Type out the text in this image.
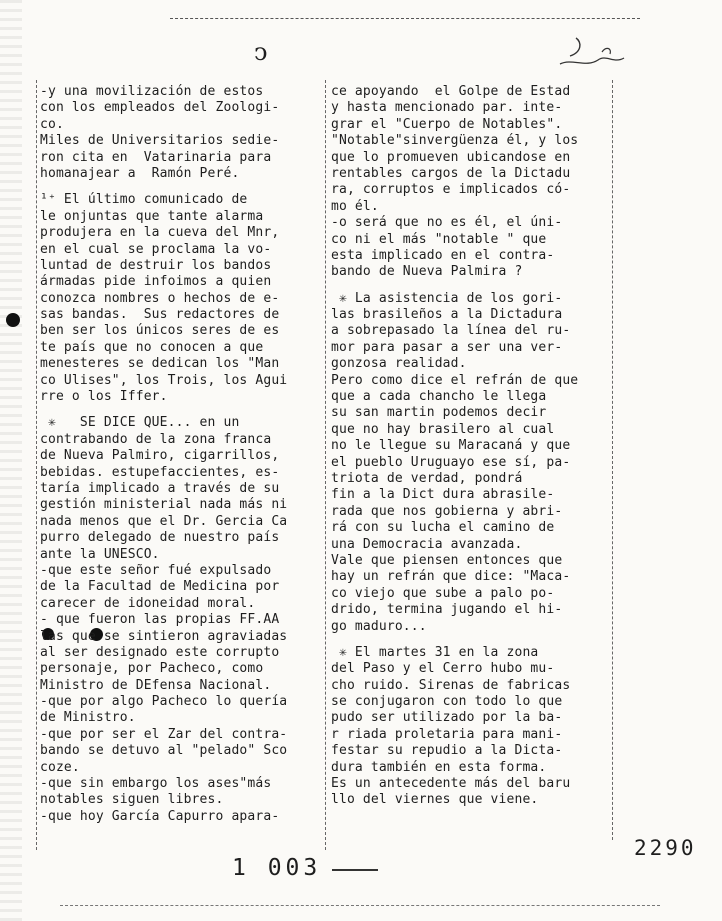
ↄ
-y una movilización de estos
con los empleados del Zoologi-
co.
Miles de Universitarios sedie-
ron cita en  Vatarinaria para
homanajear a  Ramón Peré.
¹⁺ El último comunicado de
le onjuntas que tante alarma
produjera en la cueva del Mnr,
en el cual se proclama la vo-
luntad de destruir los bandos
ármadas pide infoimos a quien
conozca nombres o hechos de e-
sas bandas.  Sus redactores de
ben ser los únicos seres de es
te país que no conocen a que
menesteres se dedican los "Man
co Ulises", los Trois, los Agui
rre o los Iffer.
✳   SE DICE QUE... en un
contrabando de la zona franca
de Nueva Palmiro, cigarrillos,
bebidas. estupefaccientes, es-
taría implicado a través de su
gestión ministerial nada más ni
nada menos que el Dr. Gercia Ca
purro delegado de nuestro país
ante la UNESCO.
-que este señor fué expulsado
de la Facultad de Medicina por
carecer de idoneidad moral.
- que fueron las propias FF.AA
las que se sintieron agraviadas
al ser designado este corrupto
personaje, por Pacheco, como
Ministro de DEfensa Nacional.
-que por algo Pacheco lo quería
de Ministro.
-que por ser el Zar del contra-
bando se detuvo al "pelado" Sco
coze.
-que sin embargo los ases"más
notables siguen libres.
-que hoy García Capurro apara-
ce apoyando  el Golpe de Estad
y hasta mencionado par. inte-
grar el "Cuerpo de Notables".
"Notable"sinvergüenza él, y los
que lo promueven ubicandose en
rentables cargos de la Dictadu
ra, corruptos e implicados có-
mo él.
-o será que no es él, el úni-
co ni el más "notable " que
esta implicado en el contra-
bando de Nueva Palmira ?
✳ La asistencia de los gori-
las brasileños a la Dictadura
a sobrepasado la línea del ru-
mor para pasar a ser una ver-
gonzosa realidad.
Pero como dice el refrán de que
que a cada chancho le llega
su san martin podemos decir
que no hay brasilero al cual
no le llegue su Maracaná y que
el pueblo Uruguayo ese sí, pa-
triota de verdad, pondrá
fin a la Dict dura abrasile-
rada que nos gobierna y abri-
rá con su lucha el camino de
una Democracia avanzada.
Vale que piensen entonces que
hay un refrán que dice: "Maca-
co viejo que sube a palo po-
drido, termina jugando el hi-
go maduro...
✳ El martes 31 en la zona
del Paso y el Cerro hubo mu-
cho ruido. Sirenas de fabricas
se conjugaron con todo lo que
pudo ser utilizado por la ba-
r riada proletaria para mani-
festar su repudio a la Dicta-
dura también en esta forma.
Es un antecedente más del baru
llo del viernes que viene.
1 003
2290
